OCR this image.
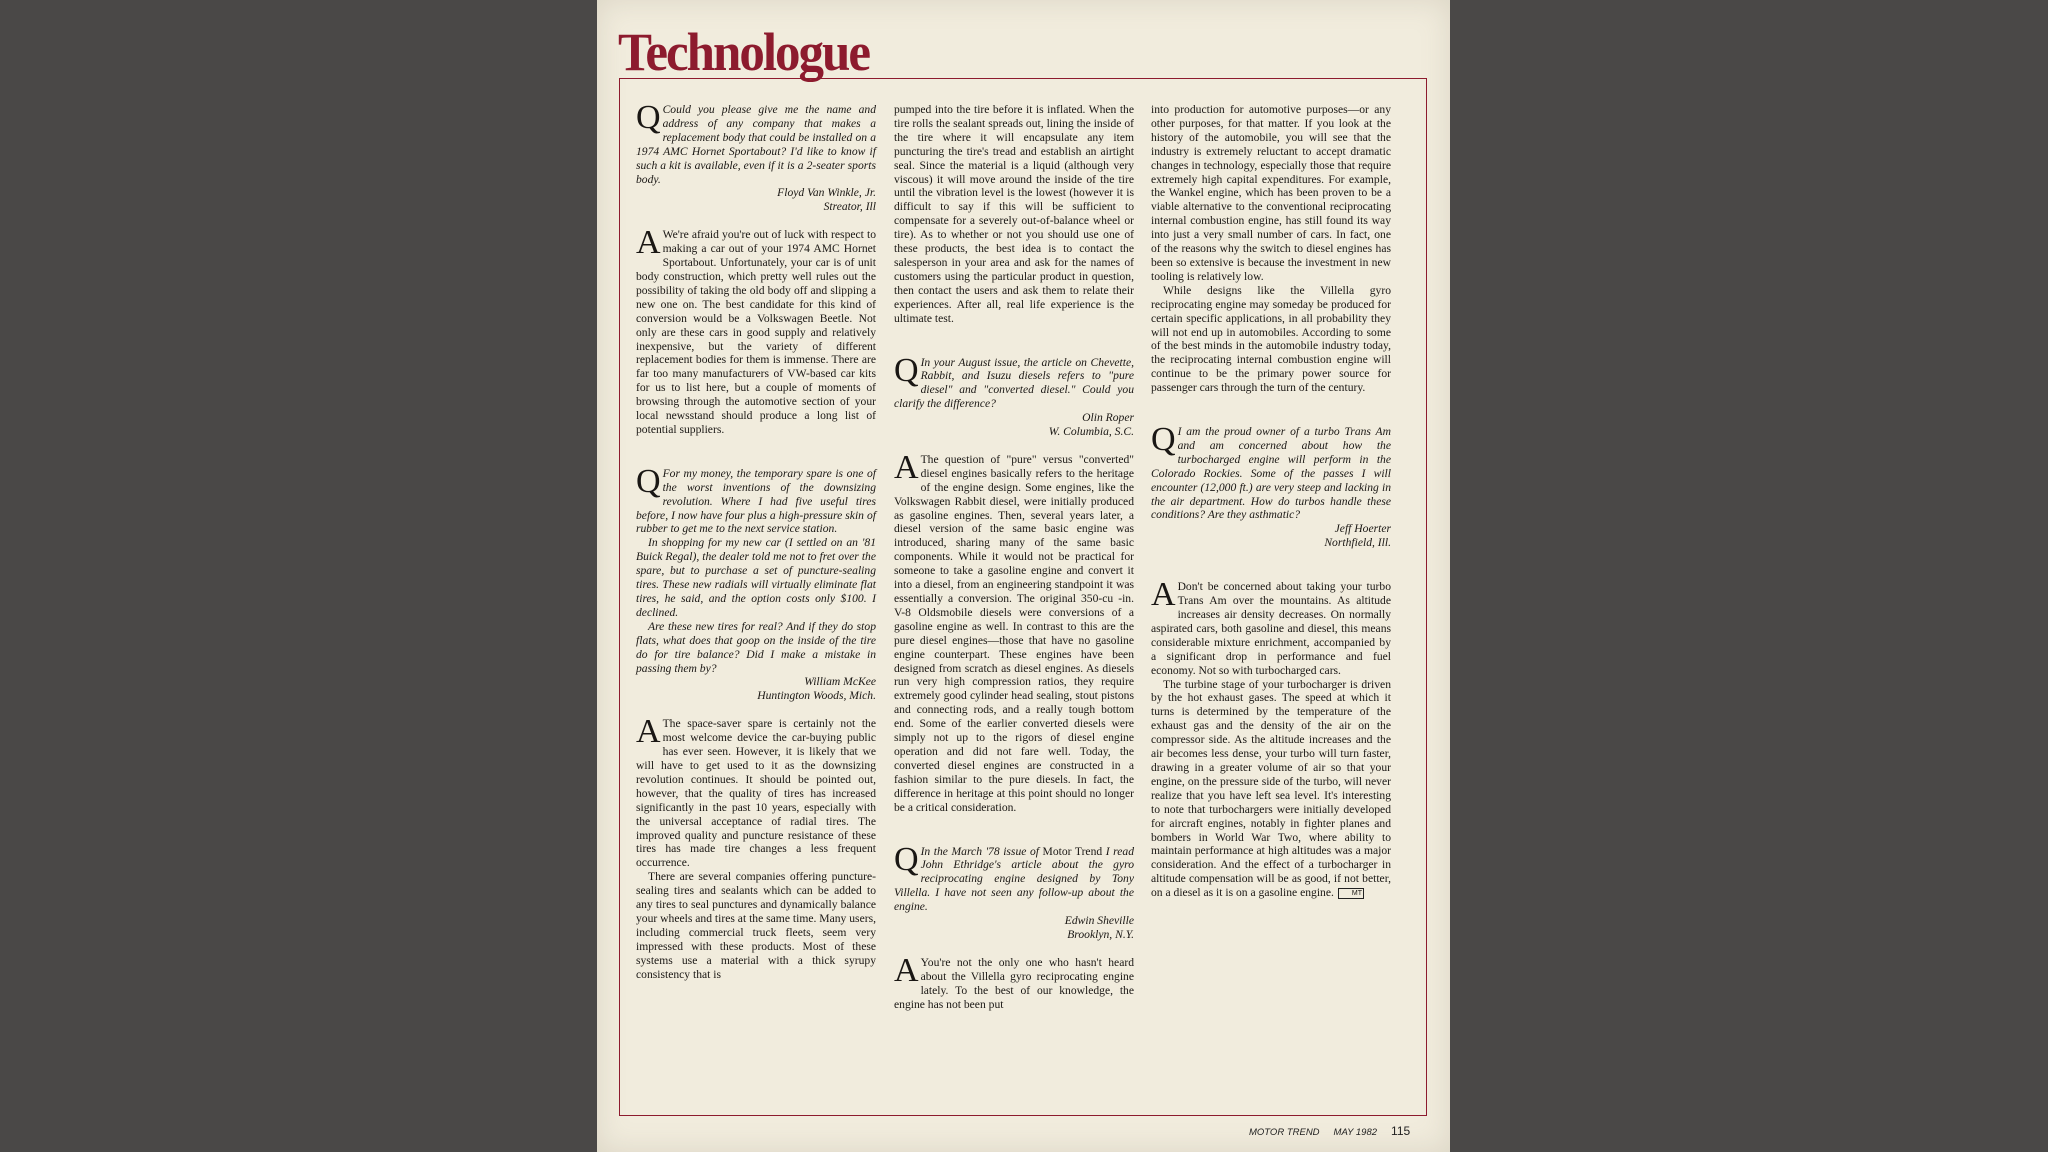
Technologue

Q Could you please give me the name and address of any company that makes a replacement body that could be installed on a 1974 AMC Hornet Sportabout? I'd like to know if such a kit is available, even if it is a 2-seater sports body.

Floyd Van Winkle, Jr.

Streator, Ill

A We're afraid you're out of luck with respect to making a car out of your 1974 AMC Hornet Sportabout. Unfortunately, your car is of unit body construction, which pretty well rules out the possibility of taking the old body off and slipping a new one on. The best candidate for this kind of conversion would be a Volkswagen Beetle. Not only are these cars in good supply and relatively inexpensive, but the variety of different replacement bodies for them is immense. There are far too many manufacturers of VW-based car kits for us to list here, but a couple of moments of browsing through the automotive section of your local newsstand should produce a long list of potential suppliers.

Q For my money, the temporary spare is one of the worst inventions of the downsizing revolution. Where I had five useful tires before, I now have four plus a high-pressure skin of rubber to get me to the next service station.

In shopping for my new car (I settled on an '81 Buick Regal), the dealer told me not to fret over the spare, but to purchase a set of puncture-sealing tires. These new radials will virtually eliminate flat tires, he said, and the option costs only $100. I declined.

Are these new tires for real? And if they do stop flats, what does that goop on the inside of the tire do for tire balance? Did I make a mistake in passing them by?

William McKee

Huntington Woods, Mich.

A The space-saver spare is certainly not the most welcome device the car-buying public has ever seen. However, it is likely that we will have to get used to it as the downsizing revolution continues. It should be pointed out, however, that the quality of tires has increased significantly in the past 10 years, especially with the universal acceptance of radial tires. The improved quality and puncture resistance of these tires has made tire changes a less frequent occurrence.

There are several companies offering puncture-sealing tires and sealants which can be added to any tires to seal punctures and dynamically balance your wheels and tires at the same time. Many users, including commercial truck fleets, seem very impressed with these products. Most of these systems use a material with a thick syrupy consistency that is

pumped into the tire before it is inflated. When the tire rolls the sealant spreads out, lining the inside of the tire where it will encapsulate any item puncturing the tire's tread and establish an airtight seal. Since the material is a liquid (although very viscous) it will move around the inside of the tire until the vibration level is the lowest (however it is difficult to say if this will be sufficient to compensate for a severely out-of-balance wheel or tire). As to whether or not you should use one of these products, the best idea is to contact the salesperson in your area and ask for the names of customers using the particular product in question, then contact the users and ask them to relate their experiences. After all, real life experience is the ultimate test.

Q In your August issue, the article on Chevette, Rabbit, and Isuzu diesels refers to "pure diesel" and "converted diesel." Could you clarify the difference?

Olin Roper

W. Columbia, S.C.

A The question of "pure" versus "converted" diesel engines basically refers to the heritage of the engine design. Some engines, like the Volkswagen Rabbit diesel, were initially produced as gasoline engines. Then, several years later, a diesel version of the same basic engine was introduced, sharing many of the same basic components. While it would not be practical for someone to take a gasoline engine and convert it into a diesel, from an engineering standpoint it was essentially a conversion. The original 350-cu -in. V-8 Oldsmobile diesels were conversions of a gasoline engine as well. In contrast to this are the pure diesel engines—those that have no gasoline engine counterpart. These engines have been designed from scratch as diesel engines. As diesels run very high compression ratios, they require extremely good cylinder head sealing, stout pistons and connecting rods, and a really tough bottom end. Some of the earlier converted diesels were simply not up to the rigors of diesel engine operation and did not fare well. Today, the converted diesel engines are constructed in a fashion similar to the pure diesels. In fact, the difference in heritage at this point should no longer be a critical consideration.

Q In the March '78 issue of Motor Trend I read John Ethridge's article about the gyro reciprocating engine designed by Tony Villella. I have not seen any follow-up about the engine.

Edwin Sheville

Brooklyn, N.Y.

A You're not the only one who hasn't heard about the Villella gyro reciprocating engine lately. To the best of our knowledge, the engine has not been put

into production for automotive purposes—or any other purposes, for that matter. If you look at the history of the automobile, you will see that the industry is extremely reluctant to accept dramatic changes in technology, especially those that require extremely high capital expenditures. For example, the Wankel engine, which has been proven to be a viable alternative to the conventional reciprocating internal combustion engine, has still found its way into just a very small number of cars. In fact, one of the reasons why the switch to diesel engines has been so extensive is because the investment in new tooling is relatively low.

While designs like the Villella gyro reciprocating engine may someday be produced for certain specific applications, in all probability they will not end up in automobiles. According to some of the best minds in the automobile industry today, the reciprocating internal combustion engine will continue to be the primary power source for passenger cars through the turn of the century.

Q I am the proud owner of a turbo Trans Am and am concerned about how the turbocharged engine will perform in the Colorado Rockies. Some of the passes I will encounter (12,000 ft.) are very steep and lacking in the air department. How do turbos handle these conditions? Are they asthmatic?

Jeff Hoerter

Northfield, Ill.

A Don't be concerned about taking your turbo Trans Am over the mountains. As altitude increases air density decreases. On normally aspirated cars, both gasoline and diesel, this means considerable mixture enrichment, accompanied by a significant drop in performance and fuel economy. Not so with turbocharged cars.

The turbine stage of your turbocharger is driven by the hot exhaust gases. The speed at which it turns is determined by the temperature of the exhaust gas and the density of the air on the compressor side. As the altitude increases and the air becomes less dense, your turbo will turn faster, drawing in a greater volume of air so that your engine, on the pressure side of the turbo, will never realize that you have left sea level. It's interesting to note that turbochargers were initially developed for aircraft engines, notably in fighter planes and bombers in World War Two, where ability to maintain performance at high altitudes was a major consideration. And the effect of a turbocharger in altitude compensation will be as good, if not better, on a diesel as it is on a gasoline engine.	MT

MOTOR TREND MAY 1982 115
